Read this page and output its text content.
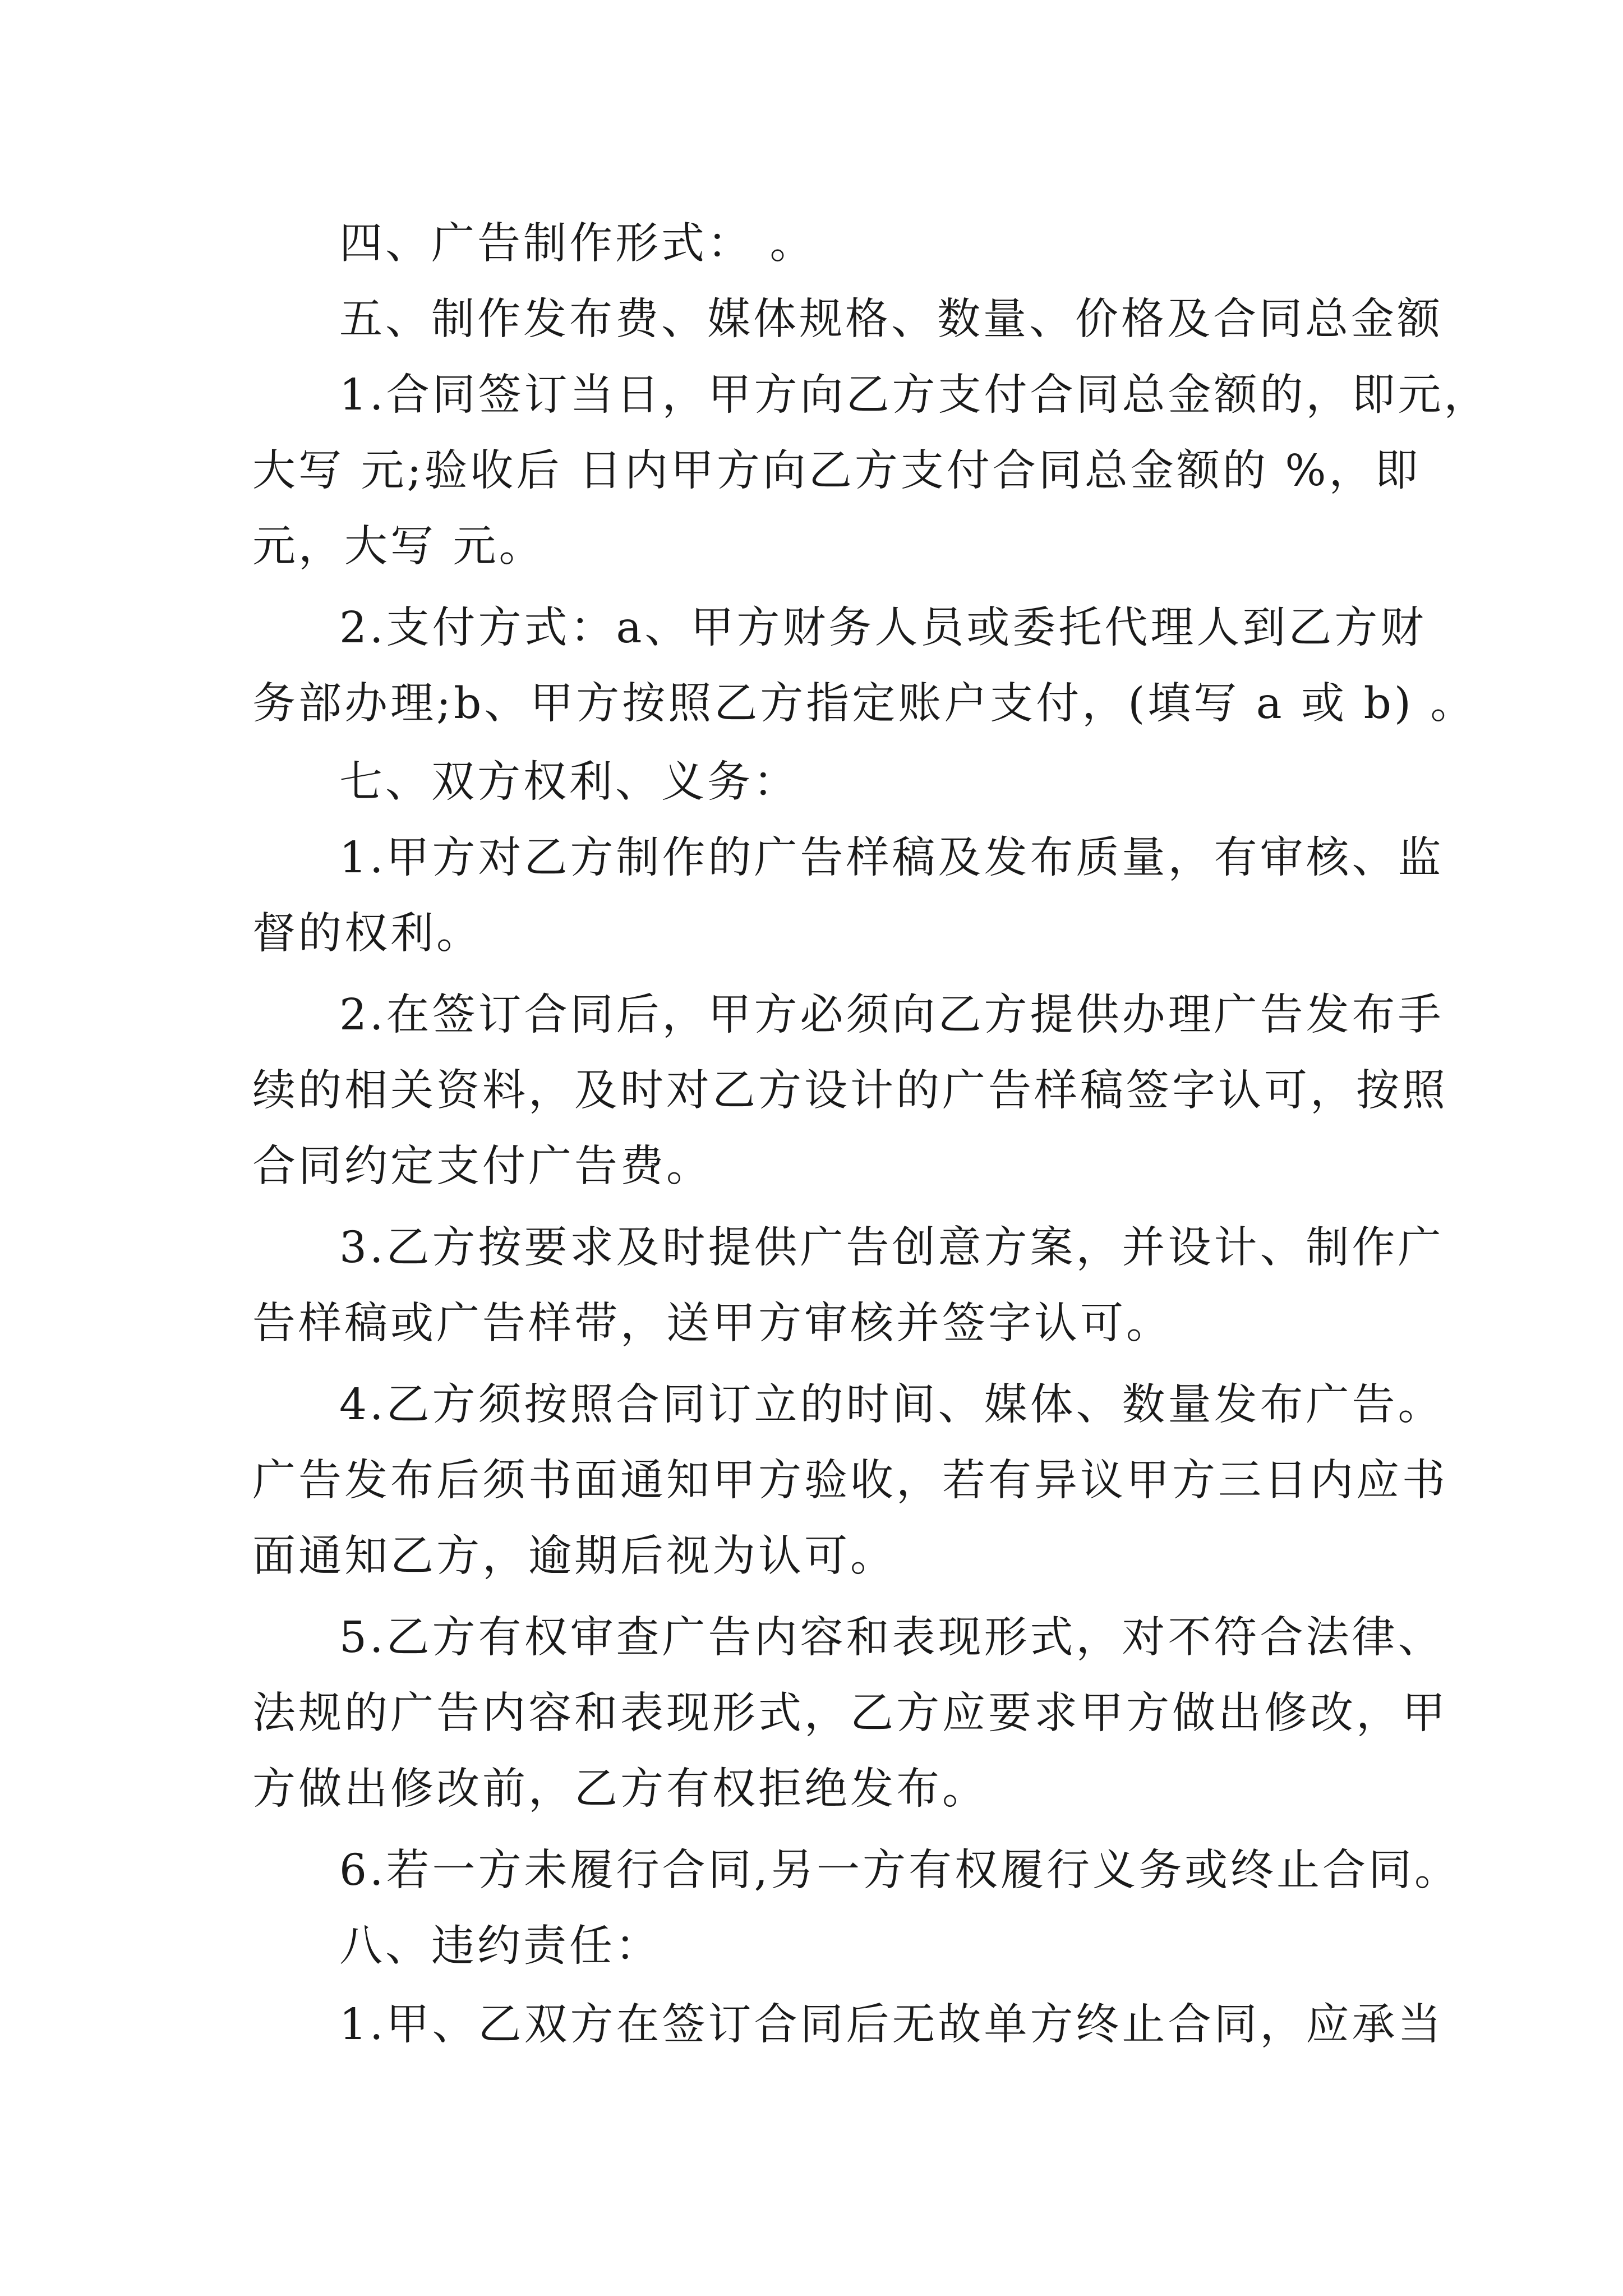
四、广告制作形式： 。
五、制作发布费、媒体规格、数量、价格及合同总金额
1.合同签订当日，甲方向乙方支付合同总金额的，即元，
大写 元;验收后 日内甲方向乙方支付合同总金额的 %，即
元，大写 元。
2.支付方式：a、甲方财务人员或委托代理人到乙方财
务部办理;b、甲方按照乙方指定账户支付，(填写 a 或 b) 。
七、双方权利、义务：
1.甲方对乙方制作的广告样稿及发布质量，有审核、监
督的权利。
2.在签订合同后，甲方必须向乙方提供办理广告发布手
续的相关资料，及时对乙方设计的广告样稿签字认可，按照
合同约定支付广告费。
3.乙方按要求及时提供广告创意方案，并设计、制作广
告样稿或广告样带，送甲方审核并签字认可。
4.乙方须按照合同订立的时间、媒体、数量发布广告。
广告发布后须书面通知甲方验收，若有异议甲方三日内应书
面通知乙方，逾期后视为认可。
5.乙方有权审查广告内容和表现形式，对不符合法律、
法规的广告内容和表现形式，乙方应要求甲方做出修改，甲
方做出修改前，乙方有权拒绝发布。
6.若一方未履行合同,另一方有权履行义务或终止合同。
八、违约责任：
1.甲、乙双方在签订合同后无故单方终止合同，应承当
